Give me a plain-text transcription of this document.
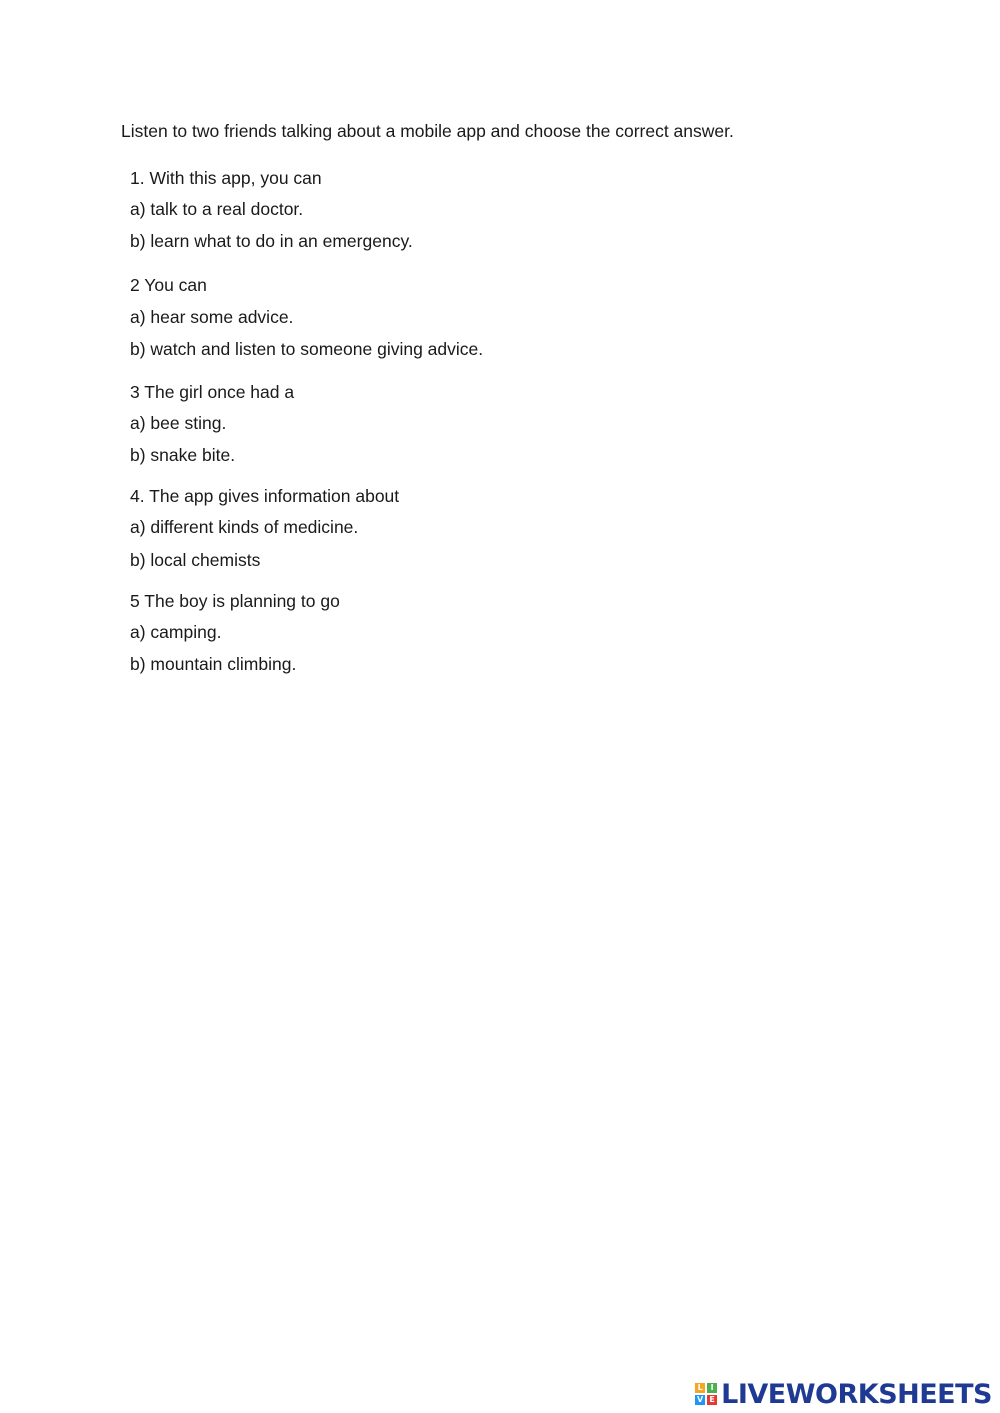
Listen to two friends talking about a mobile app and choose the correct answer.
1. With this app, you can
a) talk to a real doctor.
b) learn what to do in an emergency.
2 You can
a) hear some advice.
b) watch and listen to someone giving advice.
3 The girl once had a
a) bee sting.
b) snake bite.
4. The app gives information about
a) different kinds of medicine.
b) local chemists
5 The boy is planning to go
a) camping.
b) mountain climbing.
L I
V E LIVEWORKSHEETS
